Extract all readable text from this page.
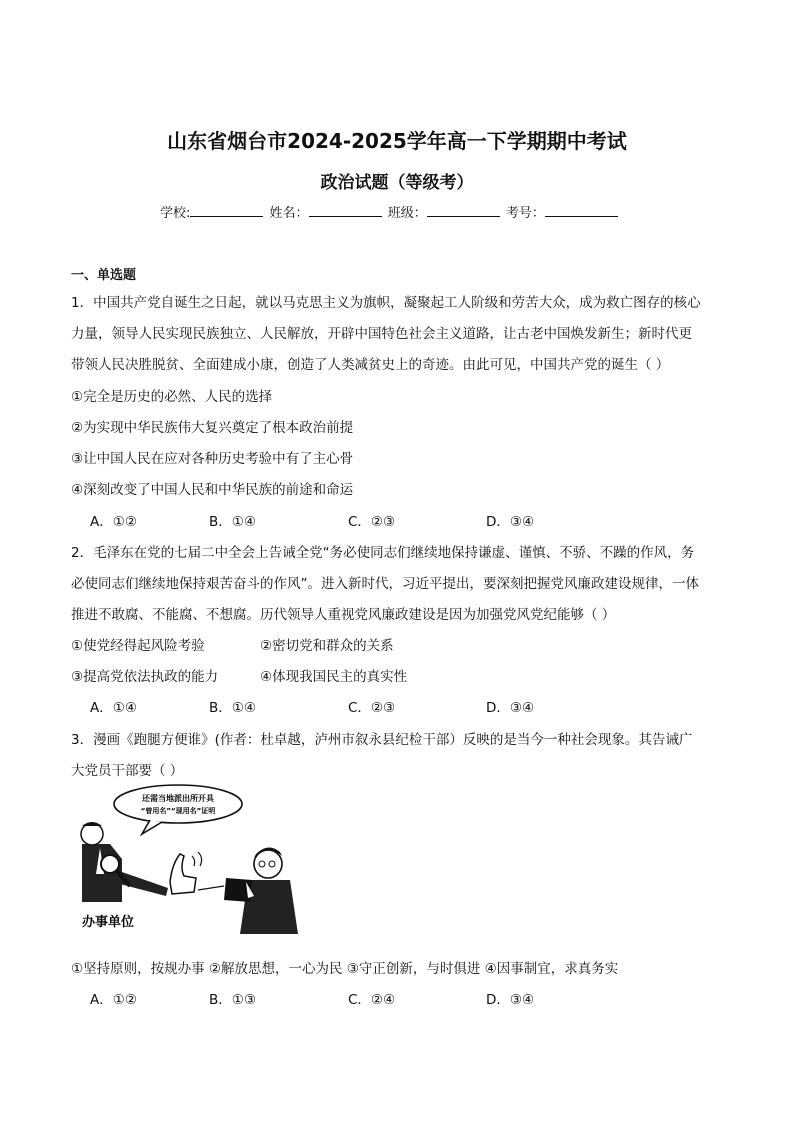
山东省烟台市2024-2025学年高一下学期期中考试
政治试题（等级考）
学校:	姓名：	班级：	考号：
一、单选题
1．中国共产党自诞生之日起，就以马克思主义为旗帜，凝聚起工人阶级和劳苦大众，成为救亡图存的核心
力量，领导人民实现民族独立、人民解放，开辟中国特色社会主义道路，让古老中国焕发新生；新时代更
带领人民决胜脱贫、全面建成小康，创造了人类减贫史上的奇迹。由此可见，中国共产党的诞生（ ）
①完全是历史的必然、人民的选择
②为实现中华民族伟大复兴奠定了根本政治前提
③让中国人民在应对各种历史考验中有了主心骨
④深刻改变了中国人民和中华民族的前途和命运
A．①②	B．①④	C．②③	D．③④
2．毛泽东在党的七届二中全会上告诫全党“务必使同志们继续地保持谦虚、谨慎、不骄、不躁的作风，务
必使同志们继续地保持艰苦奋斗的作风”。进入新时代，习近平提出，要深刻把握党风廉政建设规律，一体
推进不敢腐、不能腐、不想腐。历代领导人重视党风廉政建设是因为加强党风党纪能够（ ）
①使党经得起风险考验	②密切党和群众的关系
③提高党依法执政的能力	④体现我国民主的真实性
A．①④	B．①④	C．②③	D．③④
3．漫画《跑腿方便谁》(作者：杜卓越，泸州市叙永县纪检干部）反映的是当今一种社会现象。其告诫广
大党员干部要（ ）
还需当地派出所开具
“曾用名”“现用名”证明
办事单位
①坚持原则，按规办事 ②解放思想，一心为民 ③守正创新，与时俱进 ④因事制宜，求真务实
A．①②	B．①③	C．②④	D．③④
